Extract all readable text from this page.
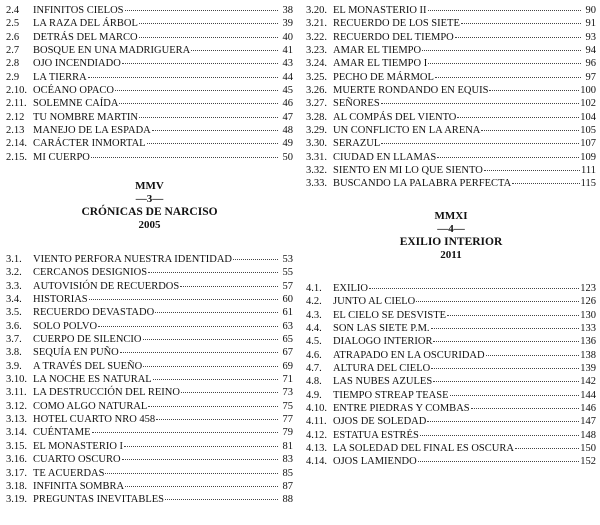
2.4	INFINITOS CIELOS	38
2.5	LA RAZA DEL ÁRBOL	39
2.6	DETRÁS DEL MARCO	40
2.7	BOSQUE EN UNA MADRIGUERA	41
2.8	OJO INCENDIADO	43
2.9	LA TIERRA	44
2.10. OCÉANO OPACO	45
2.11. SOLEMNE CAÍDA	46
2.12 TU NOMBRE MARTIN	47
2.13 MANEJO DE LA ESPADA	48
2.14. CARÁCTER INMORTAL	49
2.15. MI CUERPO	50
MMV
—3—
CRÓNICAS DE NARCISO
2005
3.1.	VIENTO PERFORA NUESTRA IDENTIDAD	53
3.2.	CERCANOS DESIGNIOS	55
3.3.	AUTOVISIÓN DE RECUERDOS	57
3.4.	HISTORIAS	60
3.5.	RECUERDO DEVASTADO	61
3.6.	SOLO POLVO	63
3.7.	CUERPO DE SILENCIO	65
3.8.	SEQUÍA EN PUÑO	67
3.9.	A TRAVÉS DEL SUEÑO	69
3.10. LA NOCHE ES NATURAL	71
3.11. LA DESTRUCCIÓN DEL REINO	73
3.12. COMO ALGO NATURAL	75
3.13. HOTEL CUARTO NRO 458	77
3.14. CUÉNTAME	79
3.15. EL MONASTERIO I	81
3.16. CUARTO OSCURO	83
3.17. TE ACUERDAS	85
3.18. INFINITA SOMBRA	87
3.19. PREGUNTAS INEVITABLES	88
3.20. EL MONASTERIO II	90
3.21. RECUERDO DE LOS SIETE	91
3.22. RECUERDO DEL TIEMPO	93
3.23. AMAR EL TIEMPO	94
3.24. AMAR EL TIEMPO I	96
3.25. PECHO DE MÁRMOL	97
3.26. MUERTE RONDANDO EN EQUIS	100
3.27. SEÑORES	102
3.28. AL COMPÁS DEL VIENTO	104
3.29. UN CONFLICTO EN LA ARENA	105
3.30. SERAZUL	107
3.31. CIUDAD EN LLAMAS	109
3.32. SIENTO EN MI LO QUE SIENTO	111
3.33. BUSCANDO LA PALABRA PERFECTA	115
MMXI
—4—
EXILIO INTERIOR
2011
4.1.	EXILIO	123
4.2.	JUNTO AL CIELO	126
4.3.	EL CIELO SE DESVISTE	130
4.4.	SON LAS SIETE P.M.	133
4.5.	DIALOGO INTERIOR	136
4.6.	ATRAPADO EN LA OSCURIDAD	138
4.7.	ALTURA DEL CIELO	139
4.8.	LAS NUBES AZULES	142
4.9.	TIEMPO STREAP TEASE	144
4.10. ENTRE PIEDRAS Y COMBAS	146
4.11. OJOS DE SOLEDAD	147
4.12. ESTATUA ESTRÉS	148
4.13. LA SOLEDAD DEL FINAL ES OSCURA	150
4.14. OJOS LAMIENDO	152
